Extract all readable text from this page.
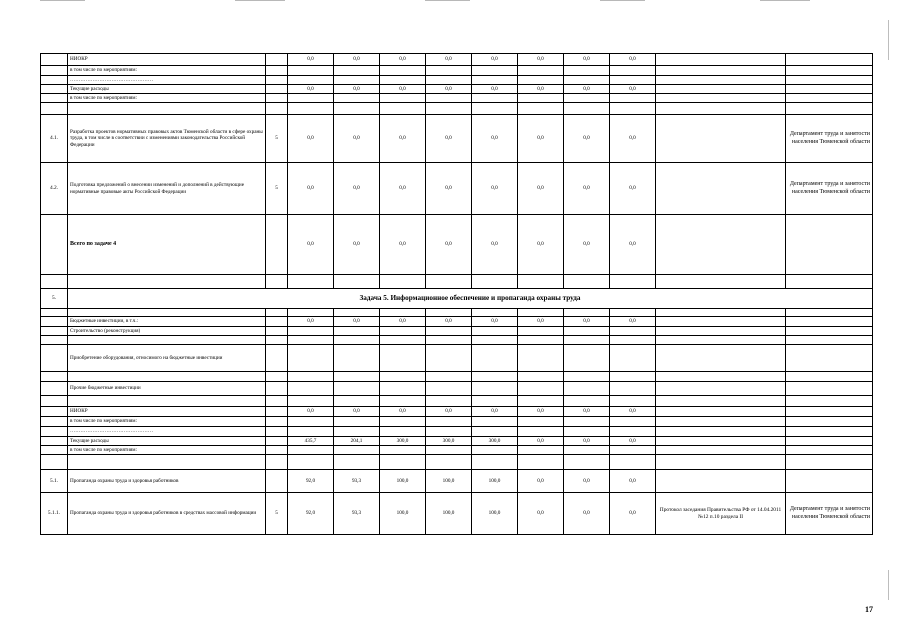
	НИОКР		0,0	0,0	0,0	0,0	0,0	0,0	0,0	0,0		
	в том числе по мероприятиям:											
	…………………………………………											
	Текущие расходы		0,0	0,0	0,0	0,0	0,0	0,0	0,0	0,0		
	в том числе по мероприятиям:											

4.1.	Разработка проектов нормативных правовых актов Тюменской области в сфере охраны труда, в том числе в соответствии с изменениями законодательства Российской Федерации	5	0,0	0,0	0,0	0,0	0,0	0,0	0,0	0,0		Департамент труда и занятости населения Тюменской области
4.2.	Подготовка предложений о внесении изменений и дополнений в действующие нормативные правовые акты Российской Федерации	5	0,0	0,0	0,0	0,0	0,0	0,0	0,0	0,0		Департамент труда и занятости населения Тюменской области
	Всего по задаче 4		0,0	0,0	0,0	0,0	0,0	0,0	0,0	0,0		

5.	Задача 5. Информационное обеспечение и пропаганда охраны труда											

	Бюджетные инвестиции, в т.ч.:		0,0	0,0	0,0	0,0	0,0	0,0	0,0	0,0		
	Строительство (реконструкция)											

	Приобретение оборудования, относимого на бюджетные инвестиции											

	Прочие бюджетные инвестиции											

	НИОКР		0,0	0,0	0,0	0,0	0,0	0,0	0,0	0,0		
	в том числе по мероприятиям:											
	…………………………………………											
	Текущие расходы		435,7	204,1	300,0	300,0	300,0	0,0	0,0	0,0		
	в том числе по мероприятиям:											

5.1.	Пропаганда охраны труда и здоровья работников		92,0	93,3	100,0	100,0	100,0	0,0	0,0	0,0		
5.1.1.	Пропаганда охраны труда и здоровья работников в средствах массовой информации	5	92,0	93,3	100,0	100,0	100,0	0,0	0,0	0,0	Протокол заседания Правительства РФ от 14.04.2011 №12 п.10 раздела II	Департамент труда и занятости населения Тюменской области
17
